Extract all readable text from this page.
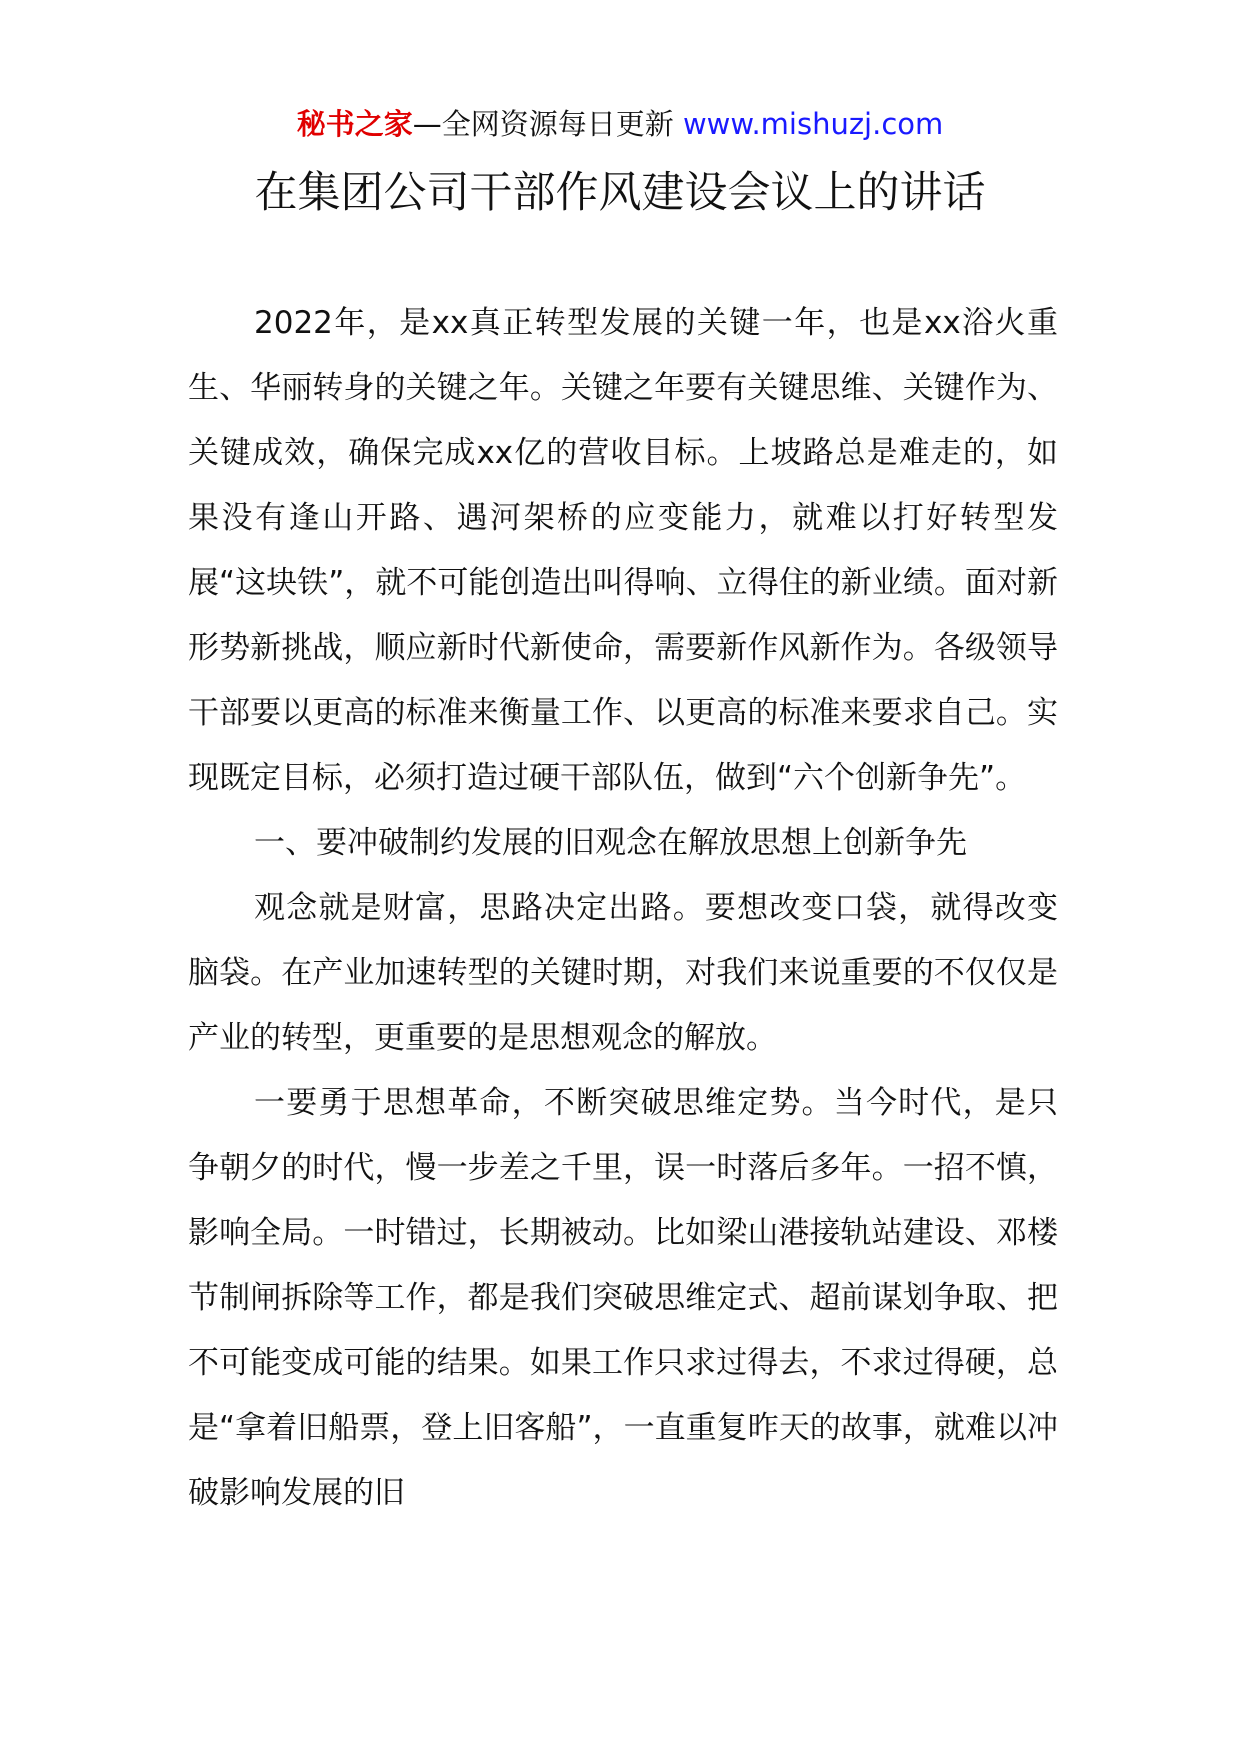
秘书之家—全网资源每日更新 www.mishuzj.com
在集团公司干部作风建设会议上的讲话

2022年，是xx真正转型发展的关键一年，也是xx浴火重生、华丽转身的关键之年。关键之年要有关键思维、关键作为、关键成效，确保完成xx亿的营收目标。上坡路总是难走的，如果没有逢山开路、遇河架桥的应变能力，就难以打好转型发展“这块铁”，就不可能创造出叫得响、立得住的新业绩。面对新形势新挑战，顺应新时代新使命，需要新作风新作为。各级领导干部要以更高的标准来衡量工作、以更高的标准来要求自己。实现既定目标，必须打造过硬干部队伍，做到“六个创新争先”。

一、要冲破制约发展的旧观念在解放思想上创新争先

观念就是财富，思路决定出路。要想改变口袋，就得改变脑袋。在产业加速转型的关键时期，对我们来说重要的不仅仅是产业的转型，更重要的是思想观念的解放。

一要勇于思想革命，不断突破思维定势。当今时代，是只争朝夕的时代，慢一步差之千里，误一时落后多年。一招不慎，影响全局。一时错过，长期被动。比如梁山港接轨站建设、邓楼节制闸拆除等工作，都是我们突破思维定式、超前谋划争取、把不可能变成可能的结果。如果工作只求过得去，不求过得硬，总是“拿着旧船票，登上旧客船”，一直重复昨天的故事，就难以冲破影响发展的旧
